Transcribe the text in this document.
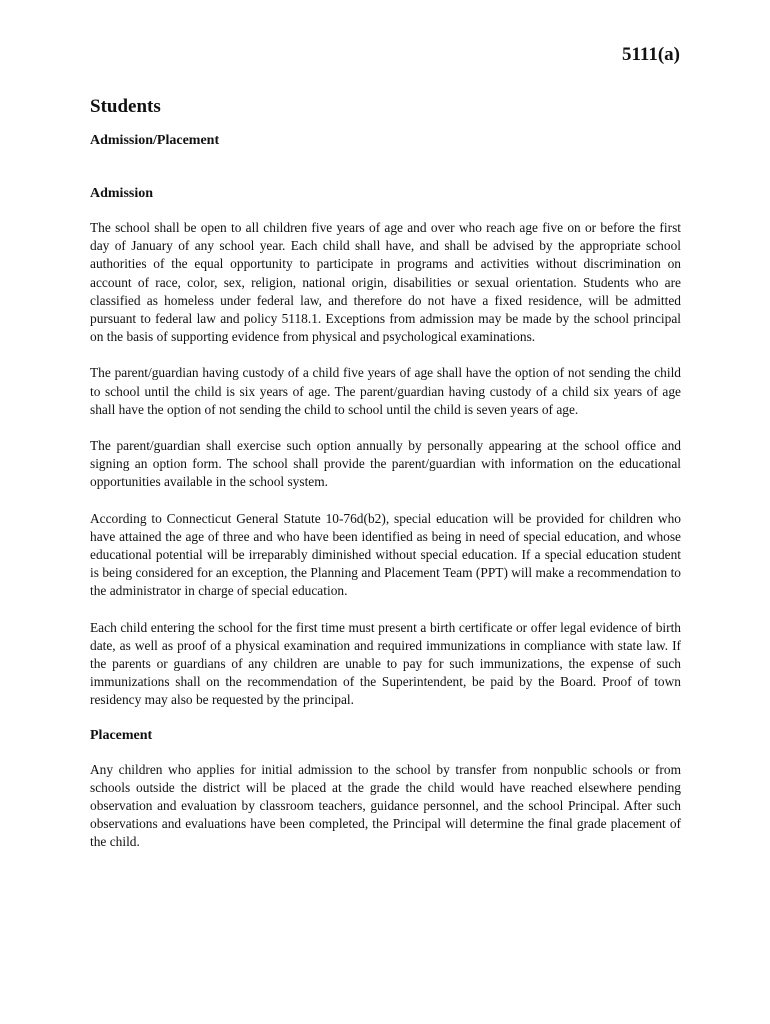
5111(a)

Students

Admission/Placement

Admission

The school shall be open to all children five years of age and over who reach age five on or before the first day of January of any school year. Each child shall have, and shall be advised by the appropriate school authorities of the equal opportunity to participate in programs and activities without discrimination on account of race, color, sex, religion, national origin, disabilities or sexual orientation. Students who are classified as homeless under federal law, and therefore do not have a fixed residence, will be admitted pursuant to federal law and policy 5118.1. Exceptions from admission may be made by the school principal on the basis of supporting evidence from physical and psychological examinations.

The parent/guardian having custody of a child five years of age shall have the option of not sending the child to school until the child is six years of age. The parent/guardian having custody of a child six years of age shall have the option of not sending the child to school until the child is seven years of age.

The parent/guardian shall exercise such option annually by personally appearing at the school office and signing an option form. The school shall provide the parent/guardian with information on the educational opportunities available in the school system.

According to Connecticut General Statute 10-76d(b2), special education will be provided for children who have attained the age of three and who have been identified as being in need of special education, and whose educational potential will be irreparably diminished without special education. If a special education student is being considered for an exception, the Planning and Placement Team (PPT) will make a recommendation to the administrator in charge of special education.

Each child entering the school for the first time must present a birth certificate or offer legal evidence of birth date, as well as proof of a physical examination and required immunizations in compliance with state law. If the parents or guardians of any children are unable to pay for such immunizations, the expense of such immunizations shall on the recommendation of the Superintendent, be paid by the Board. Proof of town residency may also be requested by the principal.

Placement

Any children who applies for initial admission to the school by transfer from nonpublic schools or from schools outside the district will be placed at the grade the child would have reached elsewhere pending observation and evaluation by classroom teachers, guidance personnel, and the school Principal. After such observations and evaluations have been completed, the Principal will determine the final grade placement of the child.
